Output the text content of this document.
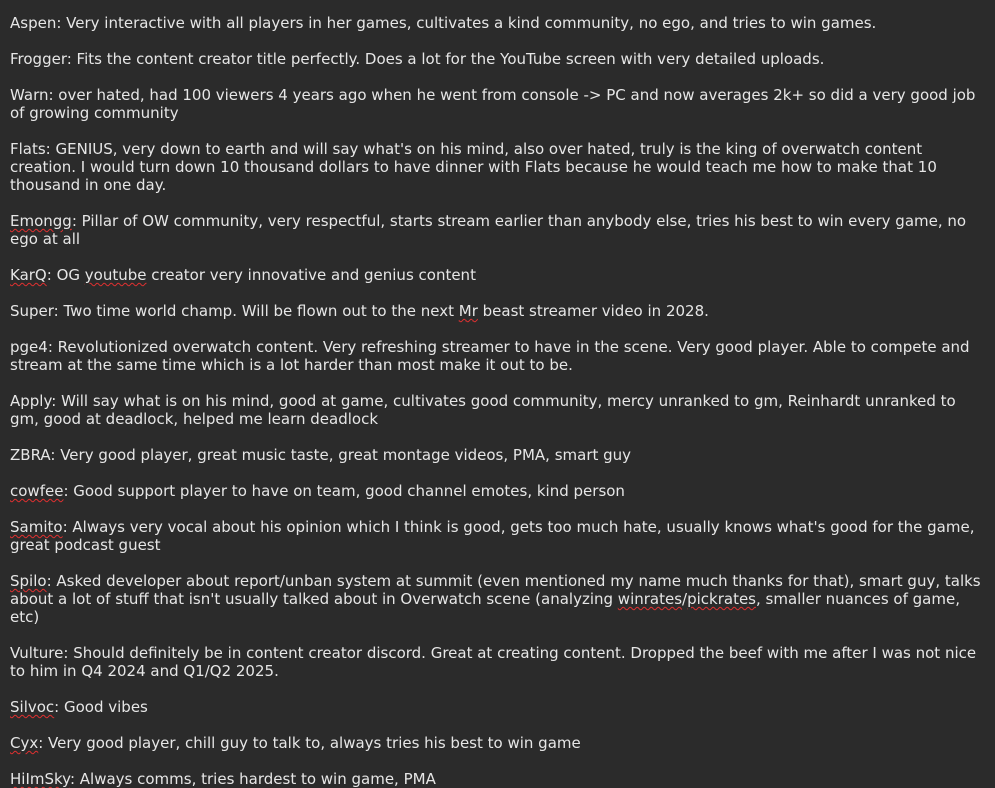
Aspen: Very interactive with all players in her games, cultivates a kind community, no ego, and tries to win games.

Frogger: Fits the content creator title perfectly. Does a lot for the YouTube screen with very detailed uploads.

Warn: over hated, had 100 viewers 4 years ago when he went from console -> PC and now averages 2k+ so did a very good job of growing community

Flats: GENIUS, very down to earth and will say what's on his mind, also over hated, truly is the king of overwatch content creation. I would turn down 10 thousand dollars to have dinner with Flats because he would teach me how to make that 10 thousand in one day.

Emongg: Pillar of OW community, very respectful, starts stream earlier than anybody else, tries his best to win every game, no ego at all

KarQ: OG youtube creator very innovative and genius content

Super: Two time world champ. Will be flown out to the next Mr beast streamer video in 2028.

pge4: Revolutionized overwatch content. Very refreshing streamer to have in the scene. Very good player. Able to compete and stream at the same time which is a lot harder than most make it out to be.

Apply: Will say what is on his mind, good at game, cultivates good community, mercy unranked to gm, Reinhardt unranked to gm, good at deadlock, helped me learn deadlock

ZBRA: Very good player, great music taste, great montage videos, PMA, smart guy

cowfee: Good support player to have on team, good channel emotes, kind person

Samito: Always very vocal about his opinion which I think is good, gets too much hate, usually knows what's good for the game, great podcast guest

Spilo: Asked developer about report/unban system at summit (even mentioned my name much thanks for that), smart guy, talks about a lot of stuff that isn't usually talked about in Overwatch scene (analyzing winrates/pickrates, smaller nuances of game, etc)

Vulture: Should definitely be in content creator discord. Great at creating content. Dropped the beef with me after I was not nice to him in Q4 2024 and Q1/Q2 2025.

Silvoc: Good vibes

Cyx: Very good player, chill guy to talk to, always tries his best to win game

HiImSky: Always comms, tries hardest to win game, PMA
